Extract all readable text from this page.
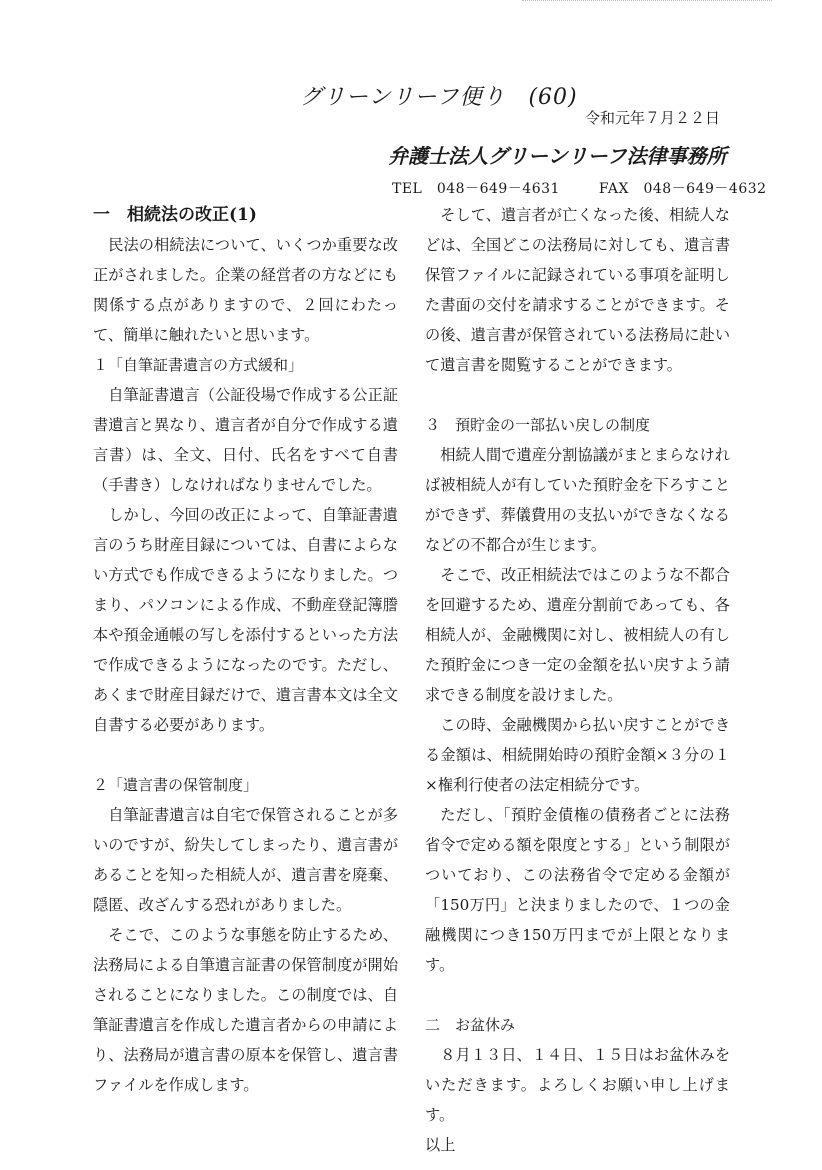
グリーンリーフ便り　(60)
令和元年７月２２日
弁護士法人グリーンリーフ法律事務所
TEL　048－649－4631	FAX　048－649－4632

一　相続法の改正(1)

民法の相続法について、いくつか重要な改正がされました。企業の経営者の方などにも関係する点がありますので、２回にわたって、簡単に触れたいと思います。

１「自筆証書遺言の方式緩和」

自筆証書遺言（公証役場で作成する公正証書遺言と異なり、遺言者が自分で作成する遺言書）は、全文、日付、氏名をすべて自書（手書き）しなければなりませんでした。

しかし、今回の改正によって、自筆証書遺言のうち財産目録については、自書によらない方式でも作成できるようになりました。つまり、パソコンによる作成、不動産登記簿謄本や預金通帳の写しを添付するといった方法で作成できるようになったのです。ただし、あくまで財産目録だけで、遺言書本文は全文自書する必要があります。

２「遺言書の保管制度」

自筆証書遺言は自宅で保管されることが多いのですが、紛失してしまったり、遺言書があることを知った相続人が、遺言書を廃棄、隠匿、改ざんする恐れがありました。

そこで、このような事態を防止するため、法務局による自筆遺言証書の保管制度が開始されることになりました。この制度では、自筆証書遺言を作成した遺言者からの申請により、法務局が遺言書の原本を保管し、遺言書ファイルを作成します。

そして、遺言者が亡くなった後、相続人などは、全国どこの法務局に対しても、遺言書保管ファイルに記録されている事項を証明した書面の交付を請求することができます。その後、遺言書が保管されている法務局に赴いて遺言書を閲覧することができます。

３　預貯金の一部払い戻しの制度

相続人間で遺産分割協議がまとまらなければ被相続人が有していた預貯金を下ろすことができず、葬儀費用の支払いができなくなるなどの不都合が生じます。

そこで、改正相続法ではこのような不都合を回避するため、遺産分割前であっても、各相続人が、金融機関に対し、被相続人の有した預貯金につき一定の金額を払い戻すよう請求できる制度を設けました。

この時、金融機関から払い戻すことができる金額は、相続開始時の預貯金額×３分の１×権利行使者の法定相続分です。

ただし、「預貯金債権の債務者ごとに法務省令で定める額を限度とする」という制限がついており、この法務省令で定める金額が「150万円」と決まりましたので、１つの金融機関につき150万円までが上限となります。

二　お盆休み

８月１３日、１４日、１５日はお盆休みをいただきます。よろしくお願い申し上げます。

以上
